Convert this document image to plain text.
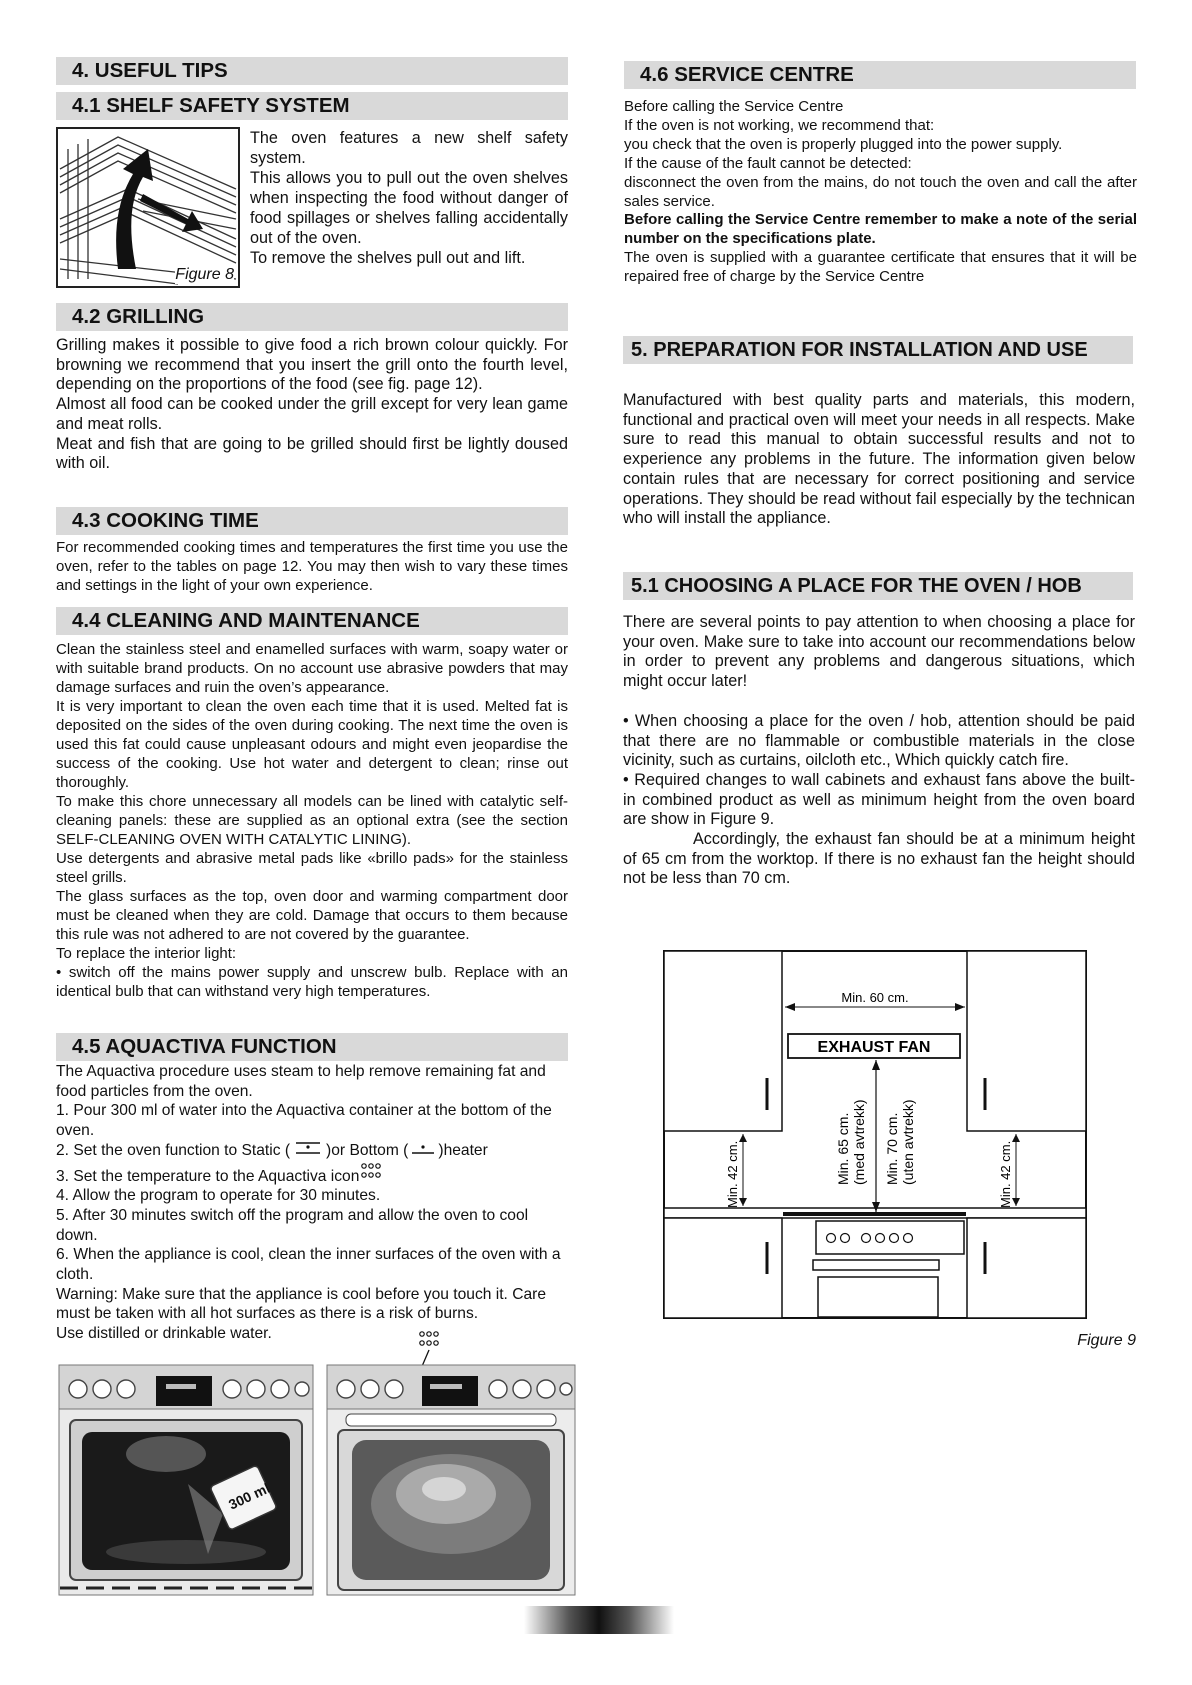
4. USEFUL TIPS
4.1 SHELF SAFETY SYSTEM
Figure 8

The oven features a new shelf safety system.

This allows you to pull out the oven shelves when inspecting the food without danger of food spillages or shelves falling accidentally out of the oven.

To remove the shelves pull out and lift.

4.2 GRILLING

Grilling makes it possible to give food a rich brown colour quickly. For browning we recommend that you insert the grill onto the fourth level, depending on the proportions of the food (see fig. page 12).

Almost all food can be cooked under the grill except for very lean game and meat rolls.

Meat and fish that are going to be grilled should first be lightly doused with oil.

4.3 COOKING TIME

For recommended cooking times and temperatures the first time you use the oven, refer to the tables on page 12. You may then wish to vary these times and settings in the light of your own experience.

4.4 CLEANING AND MAINTENANCE

Clean the stainless steel and enamelled surfaces with warm, soapy water or with suitable brand products. On no account use abrasive powders that may damage surfaces and ruin the oven’s appearance.

It is very important to clean the oven each time that it is used. Melted fat is deposited on the sides of the oven during cooking. The next time the oven is used this fat could cause unpleasant odours and might even jeopardise the success of the cooking. Use hot water and detergent to clean; rinse out thoroughly.

To make this chore unnecessary all models can be lined with catalytic self-cleaning panels: these are supplied as an optional extra (see the section SELF-CLEANING OVEN WITH CATALYTIC LINING).

Use detergents and abrasive metal pads like «brillo pads» for the stainless steel grills.

The glass surfaces as the top, oven door and warming compartment door must be cleaned when they are cold. Damage that occurs to them because this rule was not adhered to are not covered by the guarantee.

To replace the interior light:

• switch off the mains power supply and unscrew bulb. Replace with an identical bulb that can withstand very high temperatures.

4.5 AQUACTIVA FUNCTION

The Aquactiva procedure uses steam to help remove remaining fat and food particles from the oven.

1. Pour 300 ml of water into the Aquactiva container at the bottom of the oven.

2. Set the oven function to Static ( )or Bottom ( )heater

3. Set the temperature to the Aquactiva icon

4. Allow the program to operate for 30 minutes.

5. After 30 minutes switch off the program and allow the oven to cool down.

6. When the appliance is cool, clean the inner surfaces of the oven with a cloth.

Warning: Make sure that the appliance is cool before you touch it. Care must be taken with all hot surfaces as there is a risk of burns.

Use distilled or drinkable water.

300 ml
4.6 SERVICE CENTRE

Before calling the Service Centre

If the oven is not working, we recommend that:

you check that the oven is properly plugged into the power supply.

If the cause of the fault cannot be detected:

disconnect the oven from the mains, do not touch the oven and call the after sales service.

Before calling the Service Centre remember to make a note of the serial number on the specifications plate.

The oven is supplied with a guarantee certificate that ensures that it will be repaired free of charge by the Service Centre

5. PREPARATION FOR INSTALLATION AND USE

Manufactured with best quality parts and materials, this modern, functional and practical oven will meet your needs in all respects. Make sure to read this manual to obtain successful results and not to experience any problems in the future. The information given below contain rules that are necessary for correct positioning and service operations. They should be read without fail especially by the technican who will install the appliance.

5.1 CHOOSING A PLACE FOR THE OVEN / HOB

There are several points to pay attention to when choosing a place for your oven. Make sure to take into account our recommendations below in order to prevent any problems and dangerous situations, which might occur later!

• When choosing a place for the oven / hob, attention should be paid that there are no flammable or combustible materials in the close vicinity, such as curtains, oilcloth etc., Which quickly catch fire.

• Required changes to wall cabinets and exhaust fans above the built-in combined product as well as minimum height from the oven board are show in Figure 9.

Accordingly, the exhaust fan should be at a minimum height of 65 cm from the worktop. If there is no exhaust fan the height should not be less than 70 cm.

Min. 60 cm.
EXHAUST FAN
Min. 65 cm. (med avtrekk) Min. 70 cm. (uten avtrekk)
Min. 42 cm.	Min. 42 cm.
Figure 9
